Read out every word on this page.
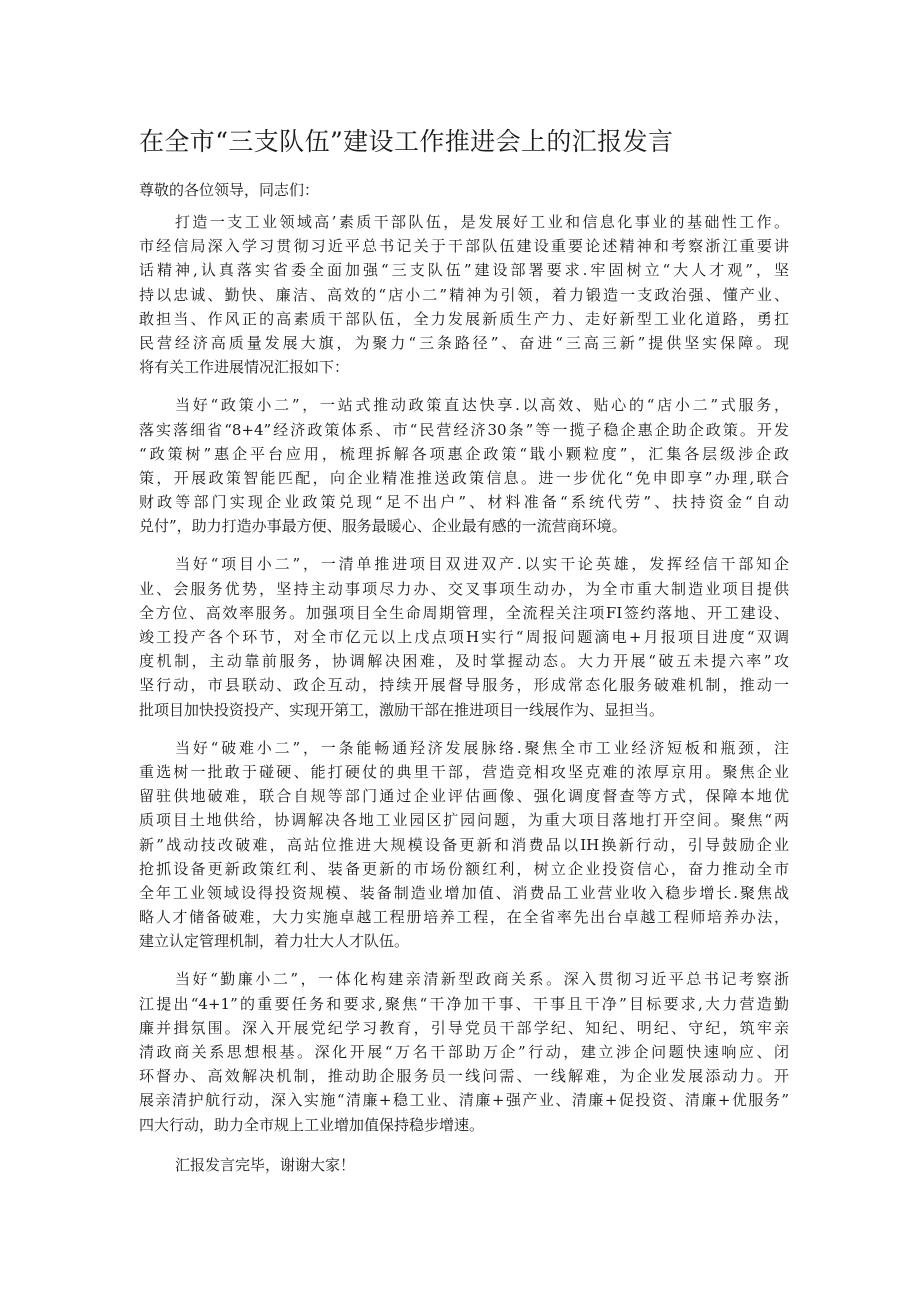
在全市“三支队伍”建设工作推进会上的汇报发言
尊敬的各位领导，同志们：
打造一支工业领域高’素质干部队伍，是发展好工业和信息化事业的基础性工作。
市经信局深入学习贯彻习近平总书记关于干部队伍建设重要论述精神和考察浙江重要讲
话精神,认真落实省委全面加强“三支队伍”建设部署要求.牢固树立“大人才观”，坚
持以忠诚、勤快、廉洁、高效的“店小二”精神为引领，着力锻造一支政治强、懂产业、
敢担当、作风正的高素质干部队伍，全力发展新质生产力、走好新型工业化道路，勇扛
民营经济高质量发展大旗，为聚力“三条路径”、奋进“三高三新”提供坚实保障。现
将有关工作进展情况汇报如下：
当好“政策小二”，一站式推动政策直达快享.以高效、贴心的“店小二”式服务，
落实落细省“8+4”经济政策体系、市“民营经济30条”等一揽子稳企惠企助企政策。开发
“政策树”惠企平台应用，梳理拆解各项惠企政策“戢小颗粒度”，汇集各层级涉企政
策，开展政策智能匹配，向企业精准推送政策信息。进一步优化“免申即享”办理,联合
财政等部门实现企业政策兑现“足不出户”、材料准备“系统代劳”、扶持资金“自动
兑付”，助力打造办事最方便、服务最暖心、企业最有感的一流营商环境。
当好“项目小二”，一清单推进项目双进双产.以实干论英雄，发挥经信干部知企
业、会服务优势，坚持主动事项尽力办、交叉事项生动办，为全市重大制造业项目提供
全方位、高效率服务。加强项目全生命周期管理，全流程关注项FI签约落地、开工建设、
竣工投产各个环节，对全市亿元以上戊点项H实行“周报问题滴电+月报项目进度“双调
度机制，主动靠前服务，协调解决困难，及时掌握动态。大力开展“破五未提六率”攻
坚行动，市县联动、政企互动，持续开展督导服务，形成常态化服务破难机制，推动一
批项目加快投资投产、实现开第工，激励干部在推进项目一线展作为、显担当。
当好“破难小二”，一条能畅通羟济发展脉络.聚焦全市工业经济短板和瓶颈，注
重选树一批敢于碰硬、能打硬仗的典里干部，营造竞相攻坚克难的浓厚京用。聚焦企业
留驻供地破难，联合自规等部门通过企业评估画像、强化调度督查等方式，保障本地优
质项目土地供给，协调解决各地工业园区扩园问题，为重大项目落地打开空间。聚焦“两
新”战动技改破难，高站位推进大规模设备更新和消费品以IH换新行动，引导鼓励企业
抢抓设备更新政策红利、装备更新的市场份额红利，树立企业投资信心，奋力推动全市
全年工业领域设得投资规模、装备制造业增加值、消费品工业营业收入稳步增长.聚焦战
略人才储备破难，大力实施卓越工程册培养工程，在全省率先出台卓越工程师培养办法，
建立认定管理机制，着力壮大人才队伍。
当好“勤廉小二”，一体化构建亲清新型政商关系。深入贯彻习近平总书记考察浙
江提出“4+1”的重要任务和要求,聚焦“干净加干事、干事且干净”目标要求,大力营造勤
廉并揖氛围。深入开展党纪学习教育，引导党员干部学纪、知纪、明纪、守纪，筑牢亲
清政商关系思想根基。深化开展“万名干部助万企”行动，建立涉企问题快速响应、闭
环督办、高效解决机制，推动助企服务员一线问需、一线解难，为企业发展添动力。开
展亲清护航行动，深入实施“清廉+稳工业、清廉+强产业、清廉+促投资、清廉+优服务”
四大行动，助力全市规上工业增加值保持稳步增速。
汇报发言完毕，谢谢大家！
